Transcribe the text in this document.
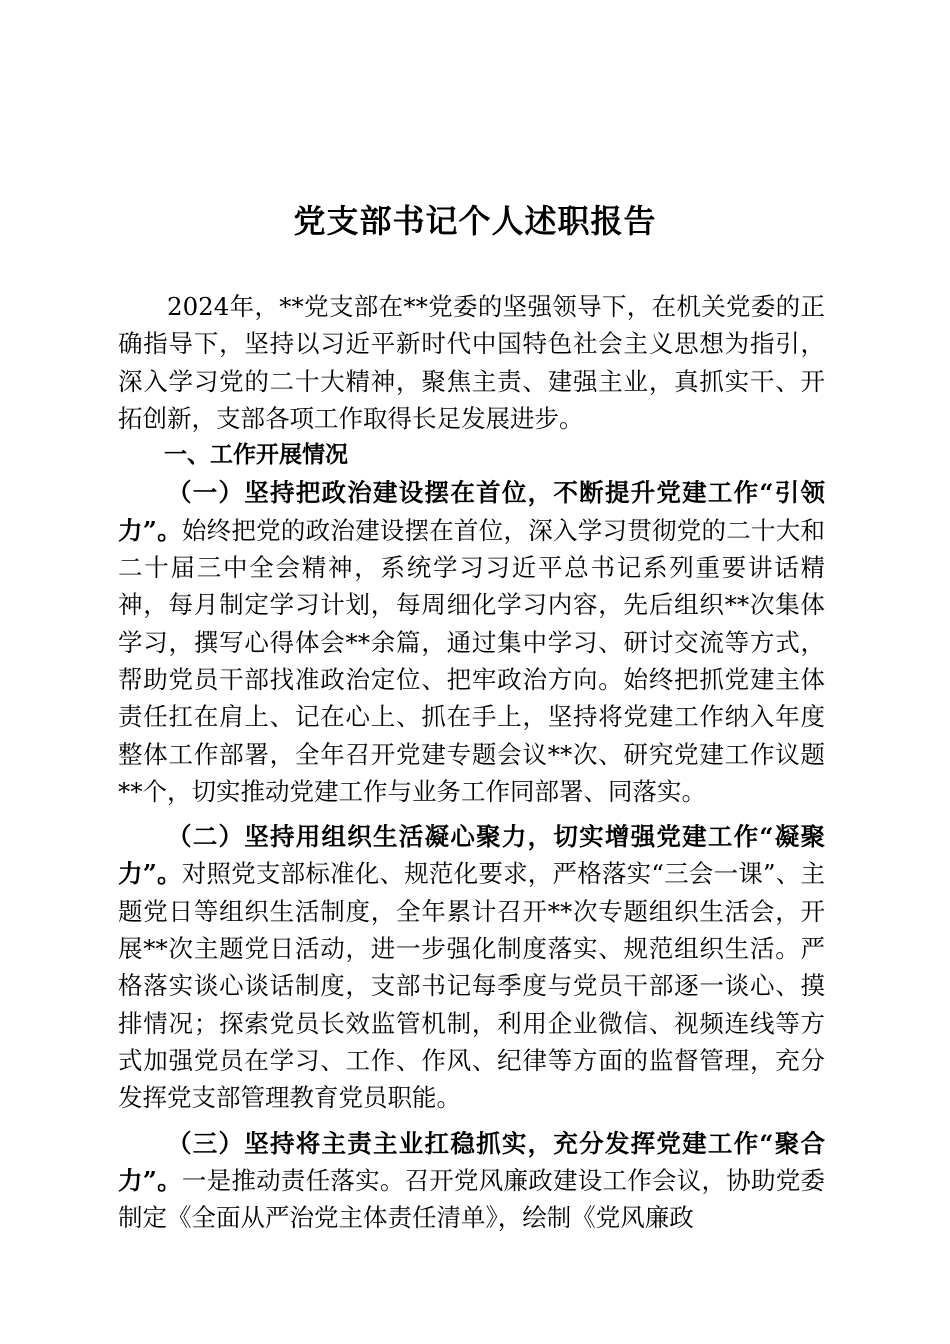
党支部书记个人述职报告

2024年，**党支部在**党委的坚强领导下，在机关党委的正确指导下，坚持以习近平新时代中国特色社会主义思想为指引，深入学习党的二十大精神，聚焦主责、建强主业，真抓实干、开拓创新，支部各项工作取得长足发展进步。

一、工作开展情况

（一）坚持把政治建设摆在首位，不断提升党建工作“引领力”。始终把党的政治建设摆在首位，深入学习贯彻党的二十大和二十届三中全会精神，系统学习习近平总书记系列重要讲话精神，每月制定学习计划，每周细化学习内容，先后组织**次集体学习，撰写心得体会**余篇，通过集中学习、研讨交流等方式，帮助党员干部找准政治定位、把牢政治方向。始终把抓党建主体责任扛在肩上、记在心上、抓在手上，坚持将党建工作纳入年度整体工作部署，全年召开党建专题会议**次、研究党建工作议题**个，切实推动党建工作与业务工作同部署、同落实。

（二）坚持用组织生活凝心聚力，切实增强党建工作“凝聚力”。对照党支部标准化、规范化要求，严格落实“三会一课”、主题党日等组织生活制度，全年累计召开**次专题组织生活会，开展**次主题党日活动，进一步强化制度落实、规范组织生活。严格落实谈心谈话制度，支部书记每季度与党员干部逐一谈心、摸排情况；探索党员长效监管机制，利用企业微信、视频连线等方式加强党员在学习、工作、作风、纪律等方面的监督管理，充分发挥党支部管理教育党员职能。

（三）坚持将主责主业扛稳抓实，充分发挥党建工作“聚合力”。一是推动责任落实。召开党风廉政建设工作会议，协助党委制定《全面从严治党主体责任清单》，绘制《党风廉政
